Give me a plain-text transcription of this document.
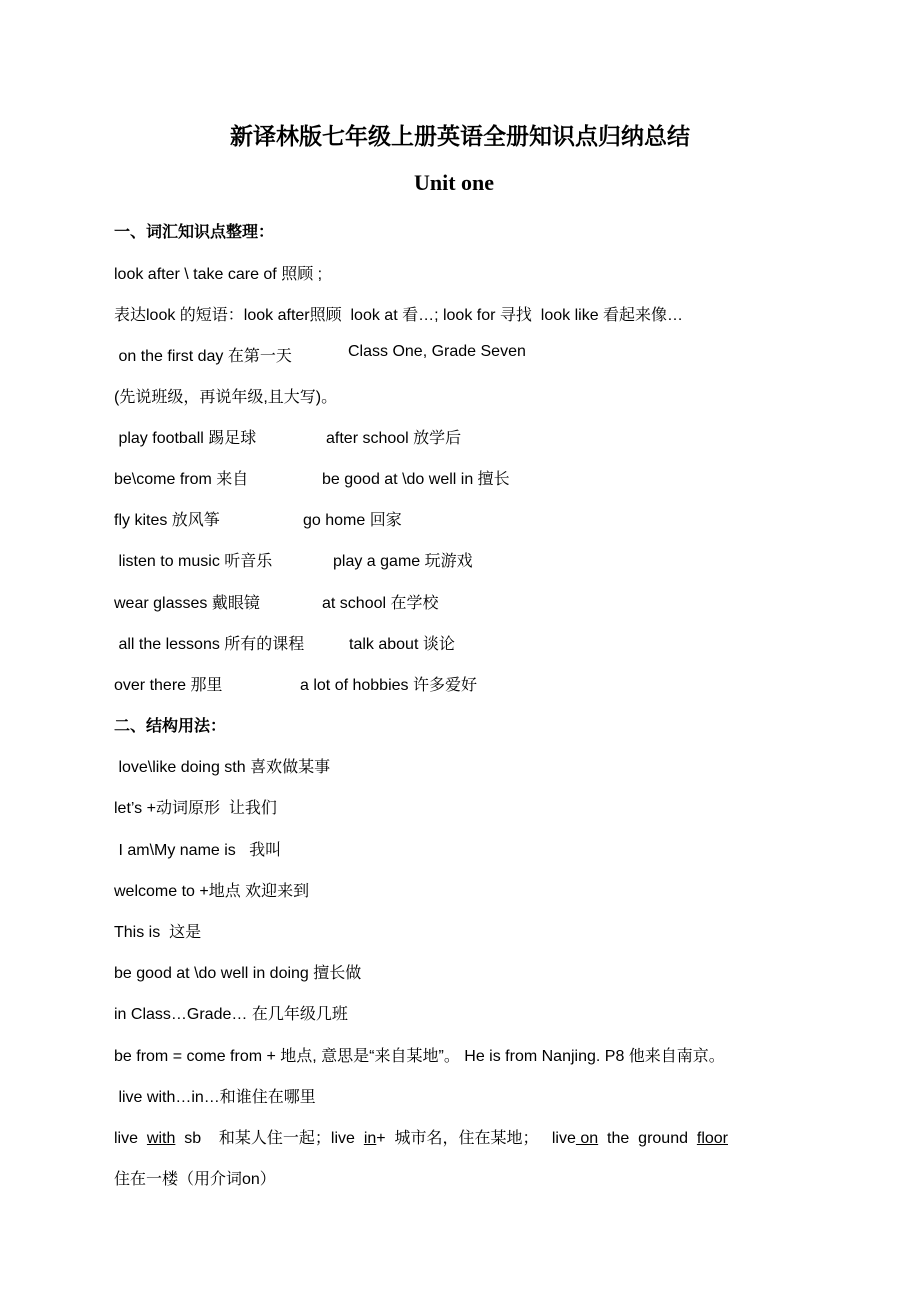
新译林版七年级上册英语全册知识点归纳总结
Unit one
一、词汇知识点整理：
look after \ take care of 照顾 ;
表达look 的短语：look after照顾  look at 看…; look for 寻找  look like 看起来像…
on the first day 在第一天	Class One, Grade Seven
(先说班级，再说年级,且大写)。
play football 踢足球	after school 放学后
be\come from 来自	be good at \do well in 擅长
fly kites 放风筝	go home 回家
listen to music 听音乐	play a game 玩游戏
wear glasses 戴眼镜	at school 在学校
all the lessons 所有的课程	talk about 谈论
over there 那里	a lot of hobbies 许多爱好
二、结构用法：
love\like doing sth 喜欢做某事
let’s +动词原形  让我们
I am\My name is   我叫
welcome to +地点 欢迎来到
This is  这是
be good at \do well in doing 擅长做
in Class…Grade… 在几年级几班
be from = come from + 地点, 意思是“来自某地”。 He is from Nanjing. P8 他来自南京。
live with…in…和谁住在哪里
live  with  sb    和某人住一起；live  in+  城市名，住在某地；   live on  the  ground  floor
住在一楼（用介词on）
